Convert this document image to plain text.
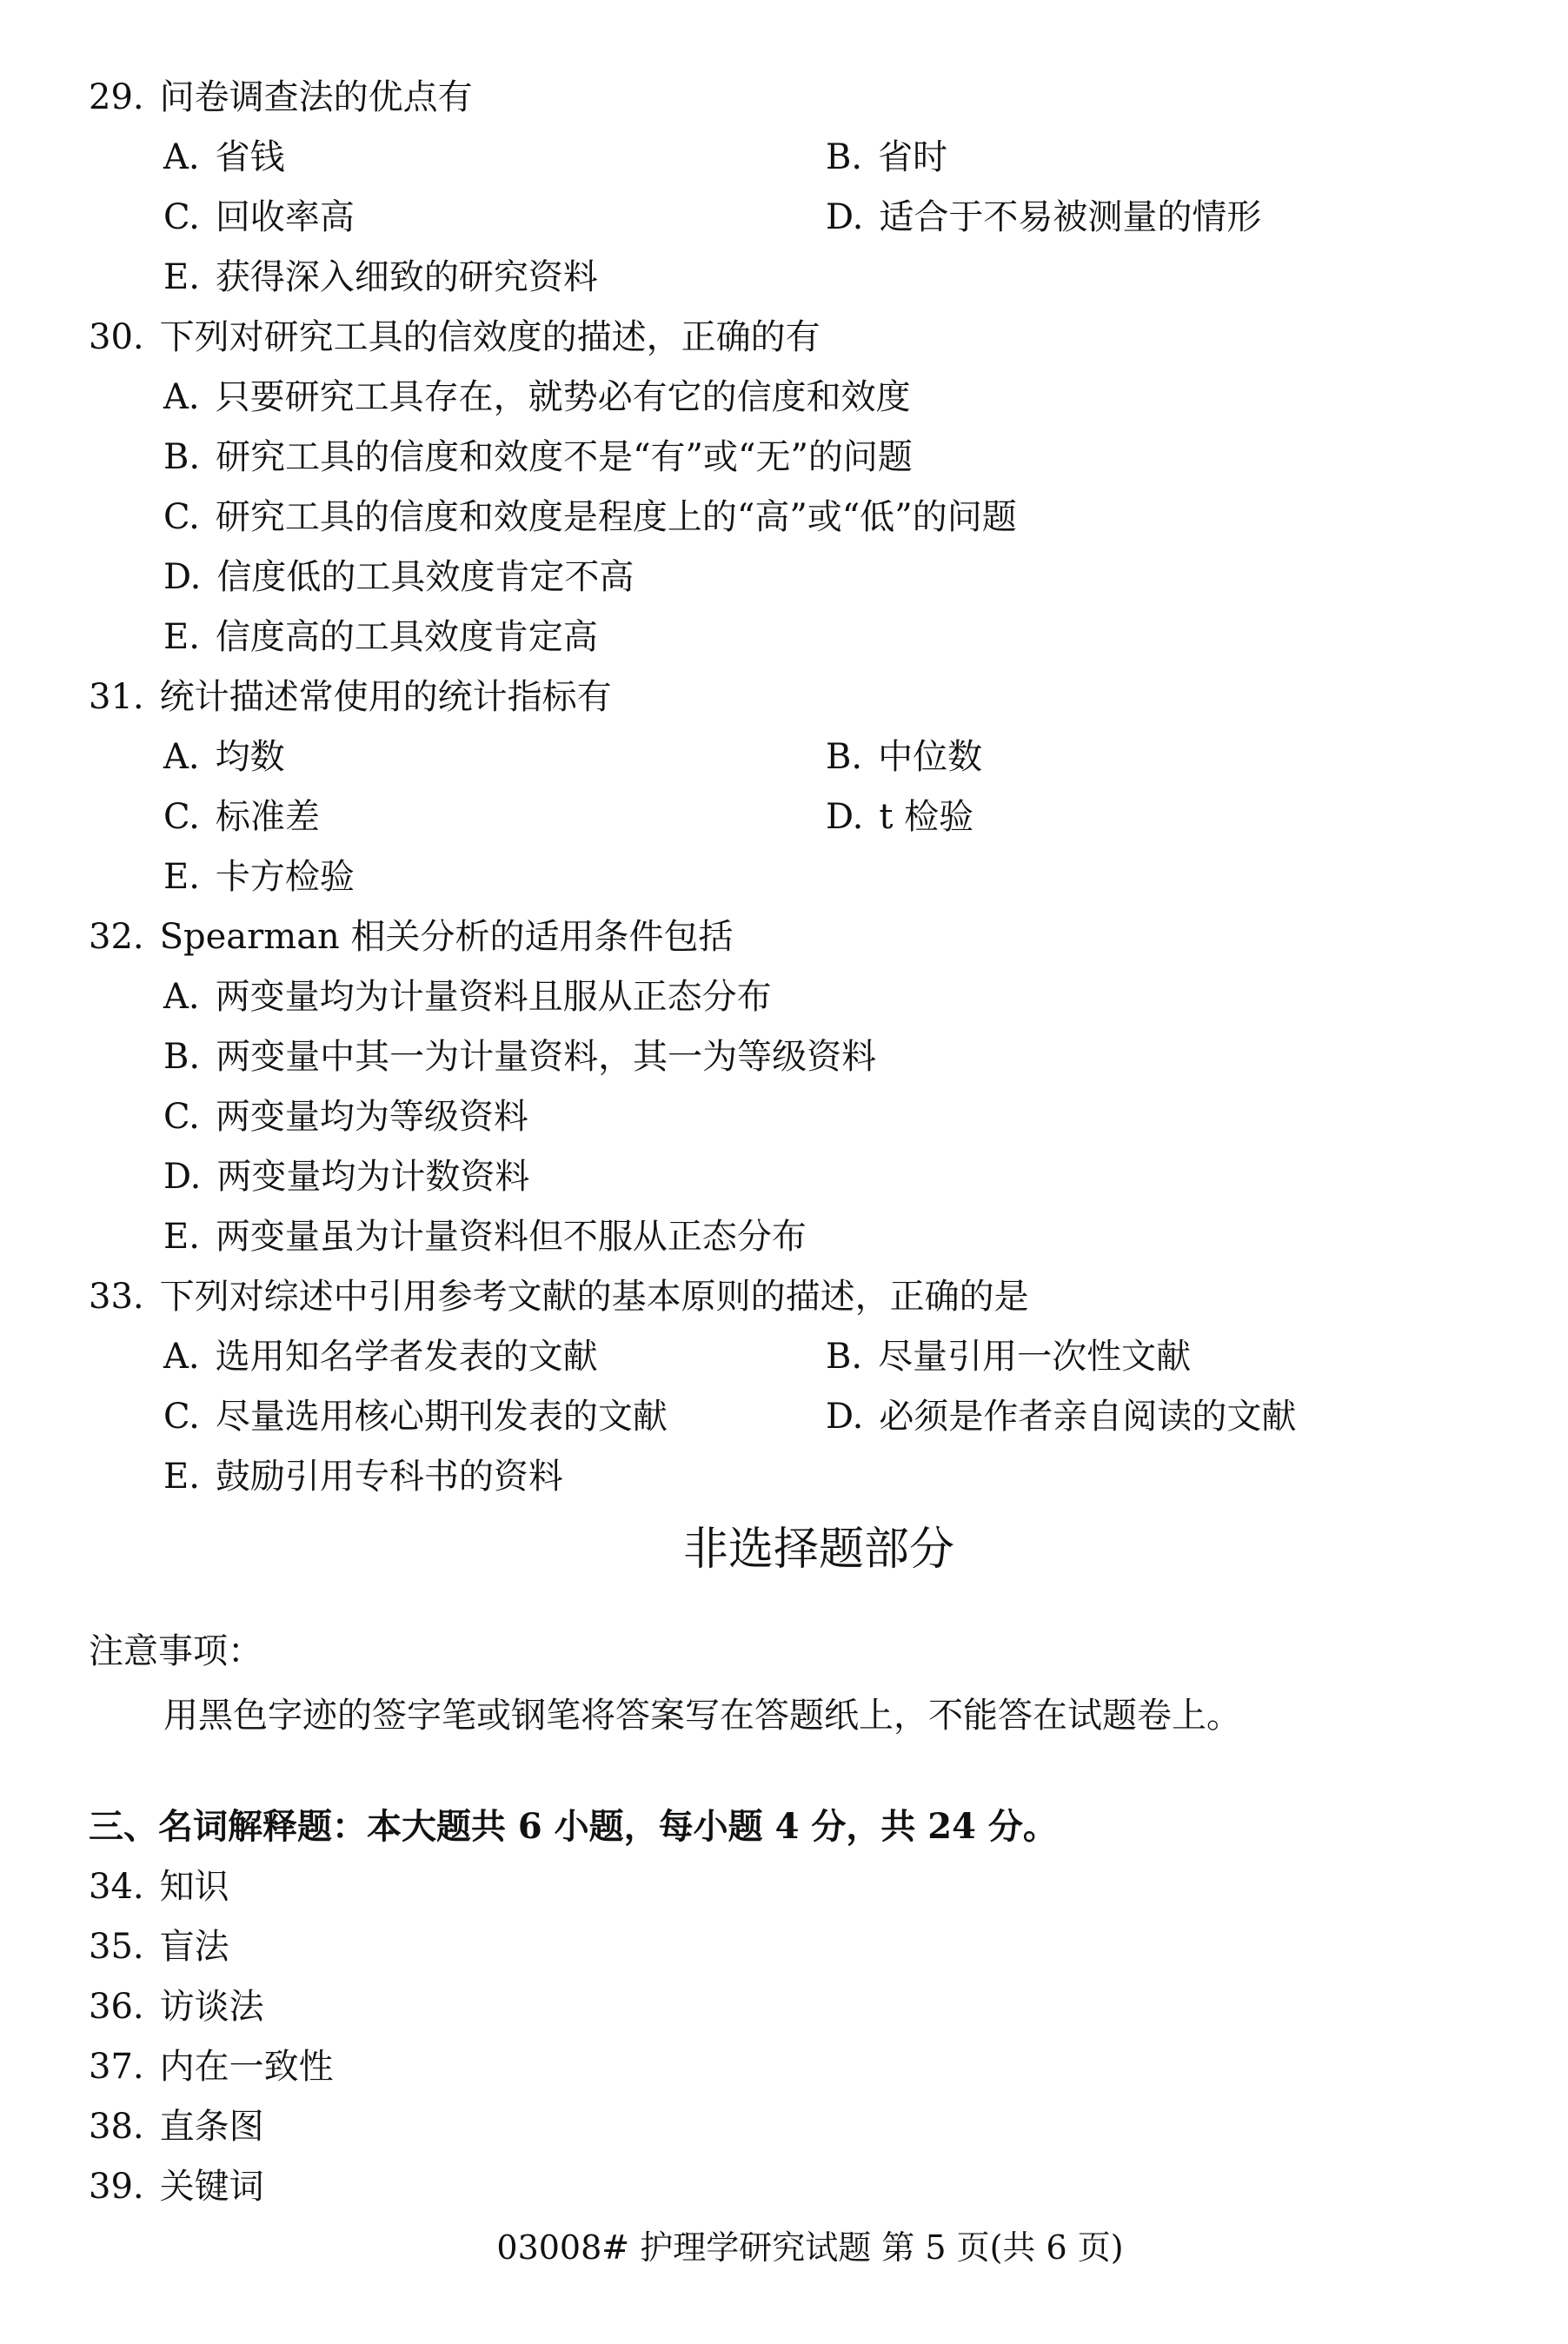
29. 问卷调查法的优点有
A. 省钱	B. 省时
C. 回收率高	D. 适合于不易被测量的情形
E. 获得深入细致的研究资料
30. 下列对研究工具的信效度的描述，正确的有
A. 只要研究工具存在，就势必有它的信度和效度
B. 研究工具的信度和效度不是“有”或“无”的问题
C. 研究工具的信度和效度是程度上的“高”或“低”的问题
D. 信度低的工具效度肯定不高
E. 信度高的工具效度肯定高
31. 统计描述常使用的统计指标有
A. 均数	B. 中位数
C. 标准差	D. t 检验
E. 卡方检验
32. Spearman 相关分析的适用条件包括
A. 两变量均为计量资料且服从正态分布
B. 两变量中其一为计量资料，其一为等级资料
C. 两变量均为等级资料
D. 两变量均为计数资料
E. 两变量虽为计量资料但不服从正态分布
33. 下列对综述中引用参考文献的基本原则的描述，正确的是
A. 选用知名学者发表的文献	B. 尽量引用一次性文献
C. 尽量选用核心期刊发表的文献	D. 必须是作者亲自阅读的文献
E. 鼓励引用专科书的资料
非选择题部分
注意事项：
用黑色字迹的签字笔或钢笔将答案写在答题纸上，不能答在试题卷上。
三、名词解释题：本大题共 6 小题，每小题 4 分，共 24 分。
34. 知识
35. 盲法
36. 访谈法
37. 内在一致性
38. 直条图
39. 关键词
03008# 护理学研究试题 第 5 页(共 6 页)
